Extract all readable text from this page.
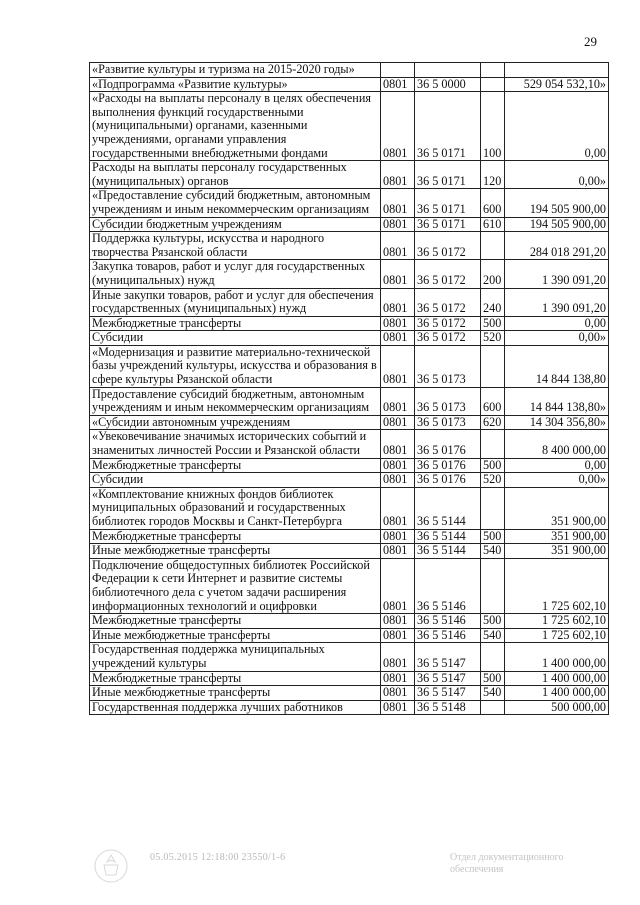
29
«Развитие культуры и туризма на 2015-2020 годы»				
«Подпрограмма «Развитие культуры»	0801	36 5 0000		529 054 532,10»
«Расходы на выплаты персоналу в целях обеспечения выполнения функций государственными (муниципальными) органами, казенными учреждениями, органами управления государственными внебюджетными фондами	0801	36 5 0171	100	0,00
Расходы на выплаты персоналу государственных (муниципальных) органов	0801	36 5 0171	120	0,00»
«Предоставление субсидий бюджетным, автономным учреждениям и иным некоммерческим организациям	0801	36 5 0171	600	194 505 900,00
Субсидии бюджетным учреждениям	0801	36 5 0171	610	194 505 900,00
Поддержка культуры, искусства и народного творчества Рязанской области	0801	36 5 0172		284 018 291,20
Закупка товаров, работ и услуг для государственных (муниципальных) нужд	0801	36 5 0172	200	1 390 091,20
Иные закупки товаров, работ и услуг для обеспечения государственных (муниципальных) нужд	0801	36 5 0172	240	1 390 091,20
Межбюджетные трансферты	0801	36 5 0172	500	0,00
Субсидии	0801	36 5 0172	520	0,00»
«Модернизация и развитие материально-технической базы учреждений культуры, искусства и образования в сфере культуры Рязанской области	0801	36 5 0173		14 844 138,80
Предоставление субсидий бюджетным, автономным учреждениям и иным некоммерческим организациям	0801	36 5 0173	600	14 844 138,80»
«Субсидии автономным учреждениям	0801	36 5 0173	620	14 304 356,80»
«Увековечивание значимых исторических событий и знаменитых личностей России и Рязанской области	0801	36 5 0176		8 400 000,00
Межбюджетные трансферты	0801	36 5 0176	500	0,00
Субсидии	0801	36 5 0176	520	0,00»
«Комплектование книжных фондов библиотек муниципальных образований и государственных библиотек городов Москвы и Санкт-Петербурга	0801	36 5 5144		351 900,00
Межбюджетные трансферты	0801	36 5 5144	500	351 900,00
Иные межбюджетные трансферты	0801	36 5 5144	540	351 900,00
Подключение общедоступных библиотек Российской Федерации к сети Интернет и развитие системы библиотечного дела с учетом задачи расширения информационных технологий и оцифровки	0801	36 5 5146		1 725 602,10
Межбюджетные трансферты	0801	36 5 5146	500	1 725 602,10
Иные межбюджетные трансферты	0801	36 5 5146	540	1 725 602,10
Государственная поддержка муниципальных учреждений культуры	0801	36 5 5147		1 400 000,00
Межбюджетные трансферты	0801	36 5 5147	500	1 400 000,00
Иные межбюджетные трансферты	0801	36 5 5147	540	1 400 000,00
Государственная поддержка лучших работников	0801	36 5 5148		500 000,00
05.05.2015 12:18:00 23550/1-6	Отдел документационного обеспечения
